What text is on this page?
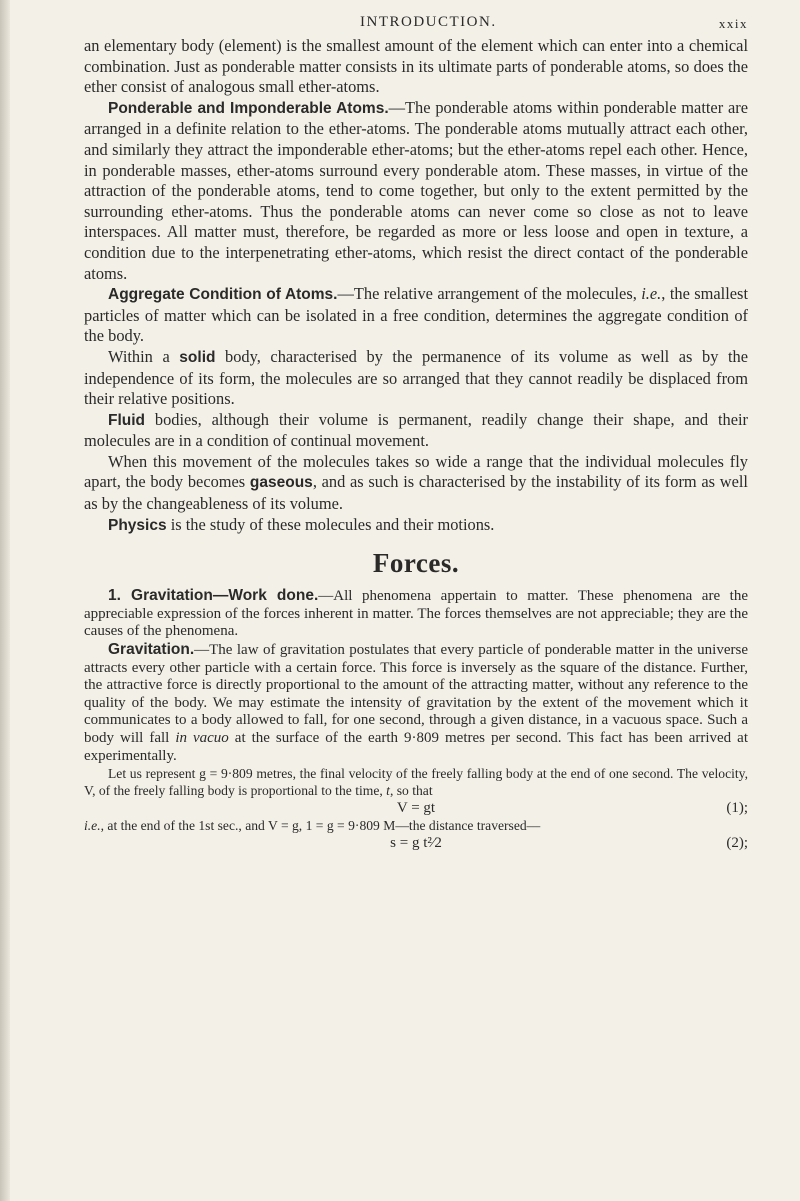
INTRODUCTION.	xxix

an elementary body (element) is the smallest amount of the element which can enter into a chemical combination. Just as ponderable matter consists in its ultimate parts of ponderable atoms, so does the ether consist of analogous small ether-atoms.

Ponderable and Imponderable Atoms.—The ponderable atoms within ponderable matter are arranged in a definite relation to the ether-atoms. The ponderable atoms mutually attract each other, and similarly they attract the imponderable ether-atoms; but the ether-atoms repel each other. Hence, in ponderable masses, ether-atoms surround every ponderable atom. These masses, in virtue of the attraction of the ponderable atoms, tend to come together, but only to the extent permitted by the surrounding ether-atoms. Thus the ponderable atoms can never come so close as not to leave interspaces. All matter must, therefore, be regarded as more or less loose and open in texture, a condition due to the interpenetrating ether-atoms, which resist the direct contact of the ponderable atoms.

Aggregate Condition of Atoms.—The relative arrangement of the molecules, i.e., the smallest particles of matter which can be isolated in a free condition, determines the aggregate condition of the body.

Within a solid body, characterised by the permanence of its volume as well as by the independence of its form, the molecules are so arranged that they cannot readily be displaced from their relative positions.

Fluid bodies, although their volume is permanent, readily change their shape, and their molecules are in a condition of continual movement.

When this movement of the molecules takes so wide a range that the individual molecules fly apart, the body becomes gaseous, and as such is characterised by the instability of its form as well as by the changeableness of its volume.

Physics is the study of these molecules and their motions.

Forces.

1. Gravitation—Work done.—All phenomena appertain to matter. These phenomena are the appreciable expression of the forces inherent in matter. The forces themselves are not appreciable; they are the causes of the phenomena.

Gravitation.—The law of gravitation postulates that every particle of ponderable matter in the universe attracts every other particle with a certain force. This force is inversely as the square of the distance. Further, the attractive force is directly proportional to the amount of the attracting matter, without any reference to the quality of the body. We may estimate the intensity of gravitation by the extent of the movement which it communicates to a body allowed to fall, for one second, through a given distance, in a vacuous space. Such a body will fall in vacuo at the surface of the earth 9·809 metres per second. This fact has been arrived at experimentally.

Let us represent g = 9·809 metres, the final velocity of the freely falling body at the end of one second. The velocity, V, of the freely falling body is proportional to the time, t, so that

V = gt	(1);

i.e., at the end of the 1st sec., and V = g, 1 = g = 9·809 M—the distance traversed—

s = g t²⁄2	(2);
